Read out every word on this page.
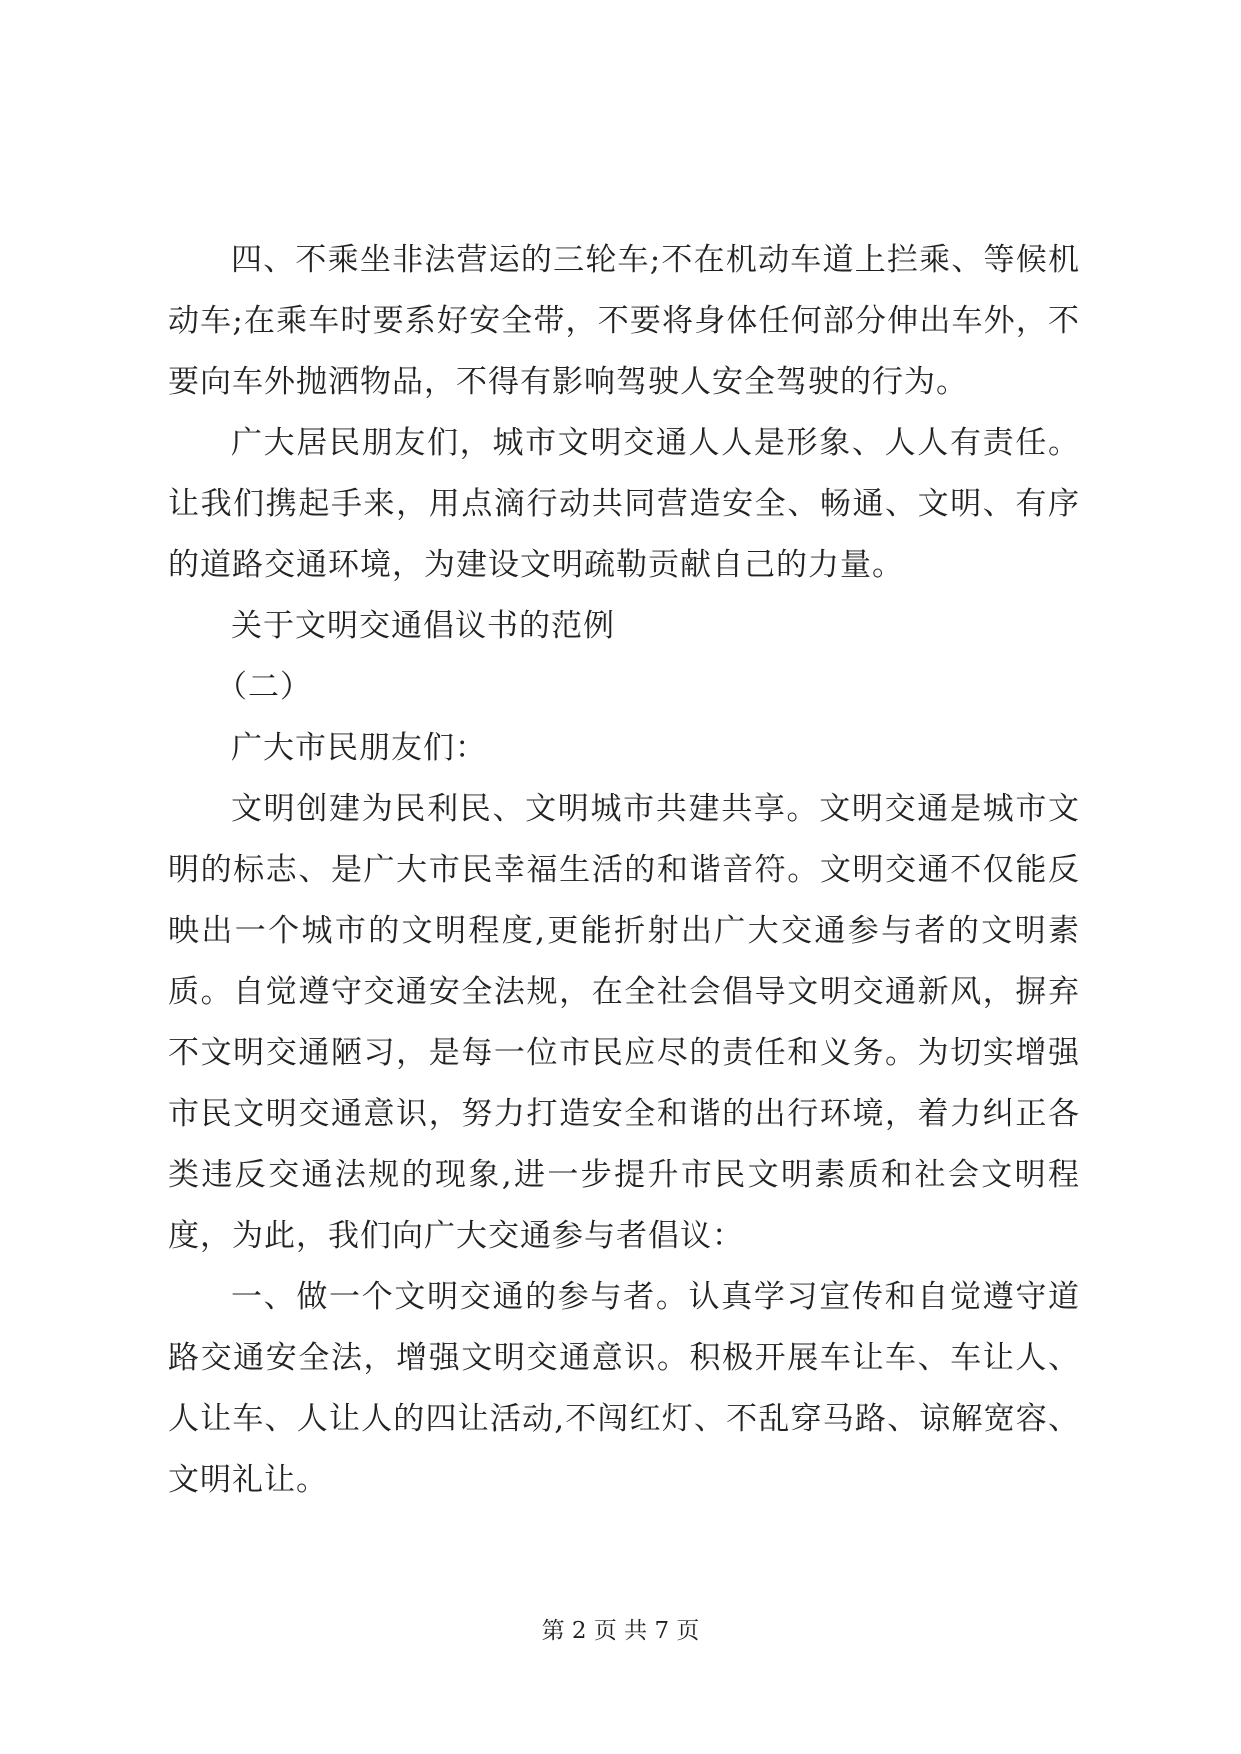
四、不乘坐非法营运的三轮车;不在机动车道上拦乘、等候机动车;在乘车时要系好安全带，不要将身体任何部分伸出车外，不要向车外抛洒物品，不得有影响驾驶人安全驾驶的行为。

广大居民朋友们，城市文明交通人人是形象、人人有责任。让我们携起手来，用点滴行动共同营造安全、畅通、文明、有序的道路交通环境，为建设文明疏勒贡献自己的力量。

关于文明交通倡议书的范例

（二）

广大市民朋友们：

文明创建为民利民、文明城市共建共享。文明交通是城市文明的标志、是广大市民幸福生活的和谐音符。文明交通不仅能反映出一个城市的文明程度,更能折射出广大交通参与者的文明素质。自觉遵守交通安全法规，在全社会倡导文明交通新风，摒弃不文明交通陋习，是每一位市民应尽的责任和义务。为切实增强市民文明交通意识，努力打造安全和谐的出行环境，着力纠正各类违反交通法规的现象,进一步提升市民文明素质和社会文明程度，为此，我们向广大交通参与者倡议：

一、做一个文明交通的参与者。认真学习宣传和自觉遵守道路交通安全法，增强文明交通意识。积极开展车让车、车让人、人让车、人让人的四让活动,不闯红灯、不乱穿马路、谅解宽容、文明礼让。

第 2 页 共 7 页
